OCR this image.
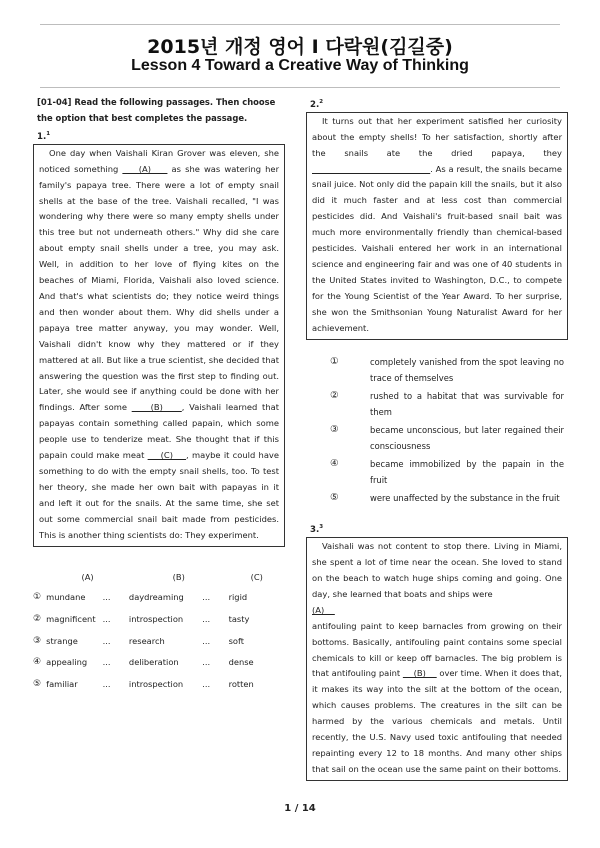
2015년 개정 영어 I 다락원(김길중)
Lesson 4 Toward a Creative Way of Thinking
[01-04] Read the following passages. Then choose the option that best completes the passage.
1.$^1$

One day when Vaishali Kiran Grover was eleven, she noticed something     (A)     as she was watering her family's papaya tree. There were a lot of empty snail shells at the base of the tree. Vaishali recalled, "I was wondering why there were so many empty shells under this tree but not underneath others." Why did she care about empty snail shells under a tree, you may ask. Well, in addition to her love of flying kites on the beaches of Miami, Florida, Vaishali also loved science. And that's what scientists do; they notice weird things and then wonder about them. Why did shells under a papaya tree matter anyway, you may wonder. Well, Vaishali didn't know why they mattered or if they mattered at all. But like a true scientist, she decided that answering the question was the first step to finding out. Later, she would see if anything could be done with her findings. After some     (B)    , Vaishali learned that papayas contain something called papain, which some people use to tenderize meat. She thought that if this papain could make meat     (C)    , maybe it could have something to do with the empty snail shells, too. To test her theory, she made her own bait with papayas in it and left it out for the snails. At the same time, she set out some commercial snail bait made from pesticides. This is another thing scientists do: They experiment.

(A)	(B)	(C)
① mundane	...	daydreaming	...	rigid
② magnificent ...	introspection	...	tasty
③ strange	...	research	...	soft
④ appealing	...	deliberation	...	dense
⑤ familiar	...	introspection	...	rotten
2.$^2$

It turns out that her experiment satisfied her curiosity about the empty shells! To her satisfaction, shortly after the snails ate the dried papaya, they                                           . As a result, the snails became snail juice. Not only did the papain kill the snails, but it also did it much faster and at less cost than commercial pesticides did. And Vaishali's fruit-based snail bait was much more environmentally friendly than chemical-based pesticides. Vaishali entered her work in an international science and engineering fair and was one of 40 students in the United States invited to Washington, D.C., to compete for the Young Scientist of the Year Award. To her surprise, she won the Smithsonian Young Naturalist Award for her achievement.

①	completely vanished from the spot leaving no trace of themselves
②	rushed to a habitat that was survivable for them
③	became unconscious, but later regained their consciousness
④	became immobilized by the papain in the fruit
⑤	were unaffected by the substance in the fruit
3.$^3$

Vaishali was not content to stop there. Living in Miami, she spent a lot of time near the ocean. She loved to stand on the beach to watch huge ships coming and going. One day, she learned that boats and ships were
(A)
antifouling paint to keep barnacles from growing on their bottoms. Basically, antifouling paint contains some special chemicals to kill or keep off barnacles. The big problem is that antifouling paint     (B)     over time. When it does that, it makes its way into the silt at the bottom of the ocean, which causes problems. The creatures in the silt can be harmed by the various chemicals and metals. Until recently, the U.S. Navy used toxic antifouling that needed repainting every 12 to 18 months. And many other ships that sail on the ocean use the same paint on their bottoms.

1 / 14
